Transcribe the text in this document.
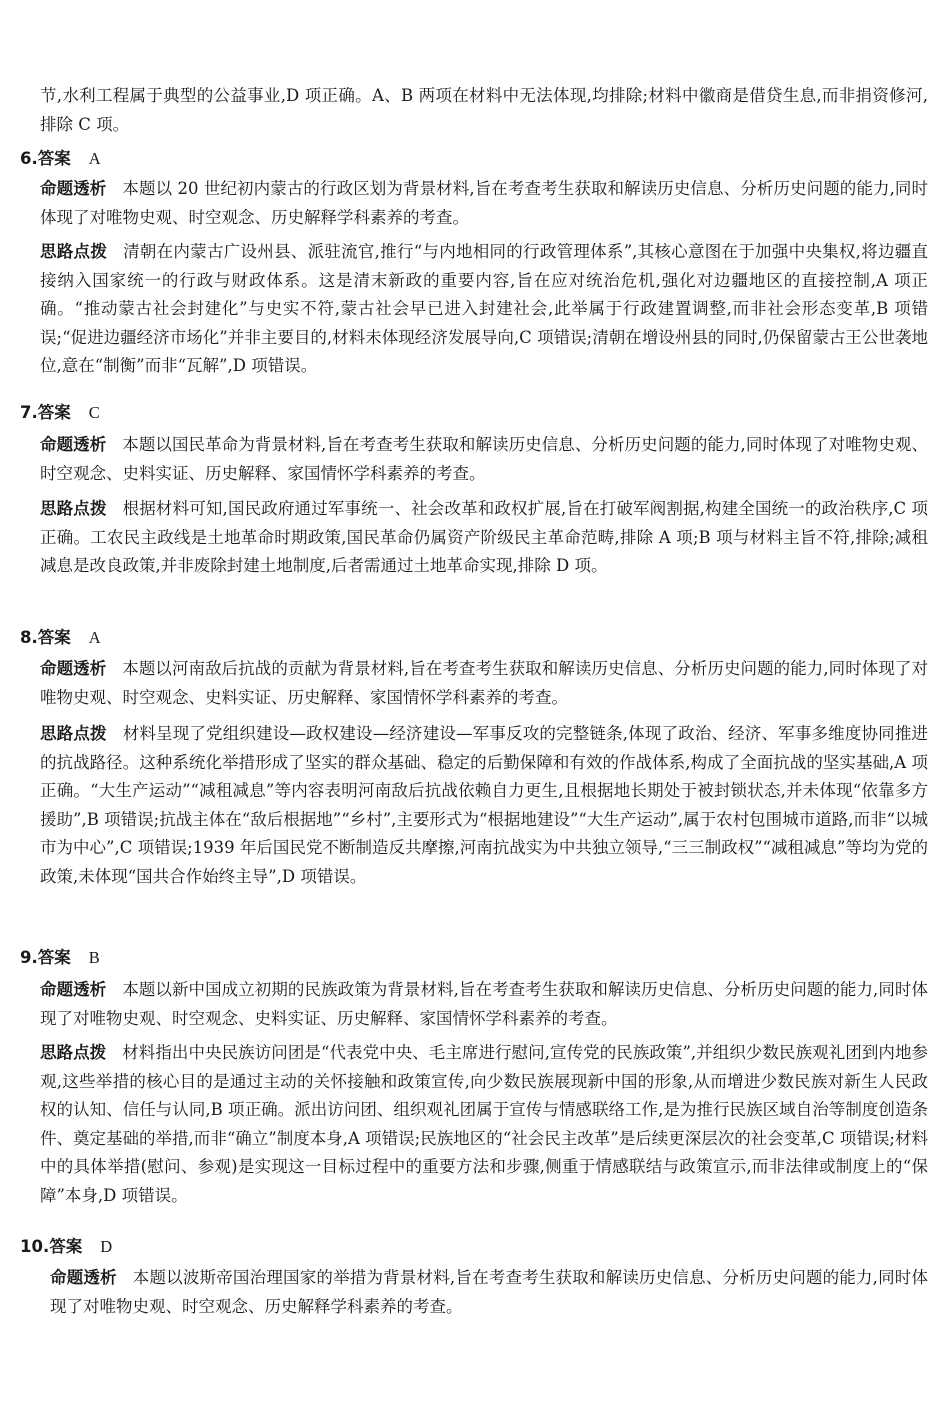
节,水利工程属于典型的公益事业,D 项正确。A、B 两项在材料中无法体现,均排除;材料中徽商是借贷生息,而非捐资修河,排除 C 项。

6.答案 A

命题透析 本题以 20 世纪初内蒙古的行政区划为背景材料,旨在考查考生获取和解读历史信息、分析历史问题的能力,同时体现了对唯物史观、时空观念、历史解释学科素养的考查。

思路点拨 清朝在内蒙古广设州县、派驻流官,推行“与内地相同的行政管理体系”,其核心意图在于加强中央集权,将边疆直接纳入国家统一的行政与财政体系。这是清末新政的重要内容,旨在应对统治危机,强化对边疆地区的直接控制,A 项正确。“推动蒙古社会封建化”与史实不符,蒙古社会早已进入封建社会,此举属于行政建置调整,而非社会形态变革,B 项错误;“促进边疆经济市场化”并非主要目的,材料未体现经济发展导向,C 项错误;清朝在增设州县的同时,仍保留蒙古王公世袭地位,意在“制衡”而非“瓦解”,D 项错误。

7.答案 C

命题透析 本题以国民革命为背景材料,旨在考查考生获取和解读历史信息、分析历史问题的能力,同时体现了对唯物史观、时空观念、史料实证、历史解释、家国情怀学科素养的考查。

思路点拨 根据材料可知,国民政府通过军事统一、社会改革和政权扩展,旨在打破军阀割据,构建全国统一的政治秩序,C 项正确。工农民主政线是土地革命时期政策,国民革命仍属资产阶级民主革命范畴,排除 A 项;B 项与材料主旨不符,排除;减租减息是改良政策,并非废除封建土地制度,后者需通过土地革命实现,排除 D 项。

8.答案 A

命题透析 本题以河南敌后抗战的贡献为背景材料,旨在考查考生获取和解读历史信息、分析历史问题的能力,同时体现了对唯物史观、时空观念、史料实证、历史解释、家国情怀学科素养的考查。

思路点拨 材料呈现了党组织建设—政权建设—经济建设—军事反攻的完整链条,体现了政治、经济、军事多维度协同推进的抗战路径。这种系统化举措形成了坚实的群众基础、稳定的后勤保障和有效的作战体系,构成了全面抗战的坚实基础,A 项正确。“大生产运动”“减租减息”等内容表明河南敌后抗战依赖自力更生,且根据地长期处于被封锁状态,并未体现“依靠多方援助”,B 项错误;抗战主体在“敌后根据地”“乡村”,主要形式为“根据地建设”“大生产运动”,属于农村包围城市道路,而非“以城市为中心”,C 项错误;1939 年后国民党不断制造反共摩擦,河南抗战实为中共独立领导,“三三制政权”“减租减息”等均为党的政策,未体现“国共合作始终主导”,D 项错误。

9.答案 B

命题透析 本题以新中国成立初期的民族政策为背景材料,旨在考查考生获取和解读历史信息、分析历史问题的能力,同时体现了对唯物史观、时空观念、史料实证、历史解释、家国情怀学科素养的考查。

思路点拨 材料指出中央民族访问团是“代表党中央、毛主席进行慰问,宣传党的民族政策”,并组织少数民族观礼团到内地参观,这些举措的核心目的是通过主动的关怀接触和政策宣传,向少数民族展现新中国的形象,从而增进少数民族对新生人民政权的认知、信任与认同,B 项正确。派出访问团、组织观礼团属于宣传与情感联络工作,是为推行民族区域自治等制度创造条件、奠定基础的举措,而非“确立”制度本身,A 项错误;民族地区的“社会民主改革”是后续更深层次的社会变革,C 项错误;材料中的具体举措(慰问、参观)是实现这一目标过程中的重要方法和步骤,侧重于情感联结与政策宣示,而非法律或制度上的“保障”本身,D 项错误。

10.答案 D

命题透析 本题以波斯帝国治理国家的举措为背景材料,旨在考查考生获取和解读历史信息、分析历史问题的能力,同时体现了对唯物史观、时空观念、历史解释学科素养的考查。
